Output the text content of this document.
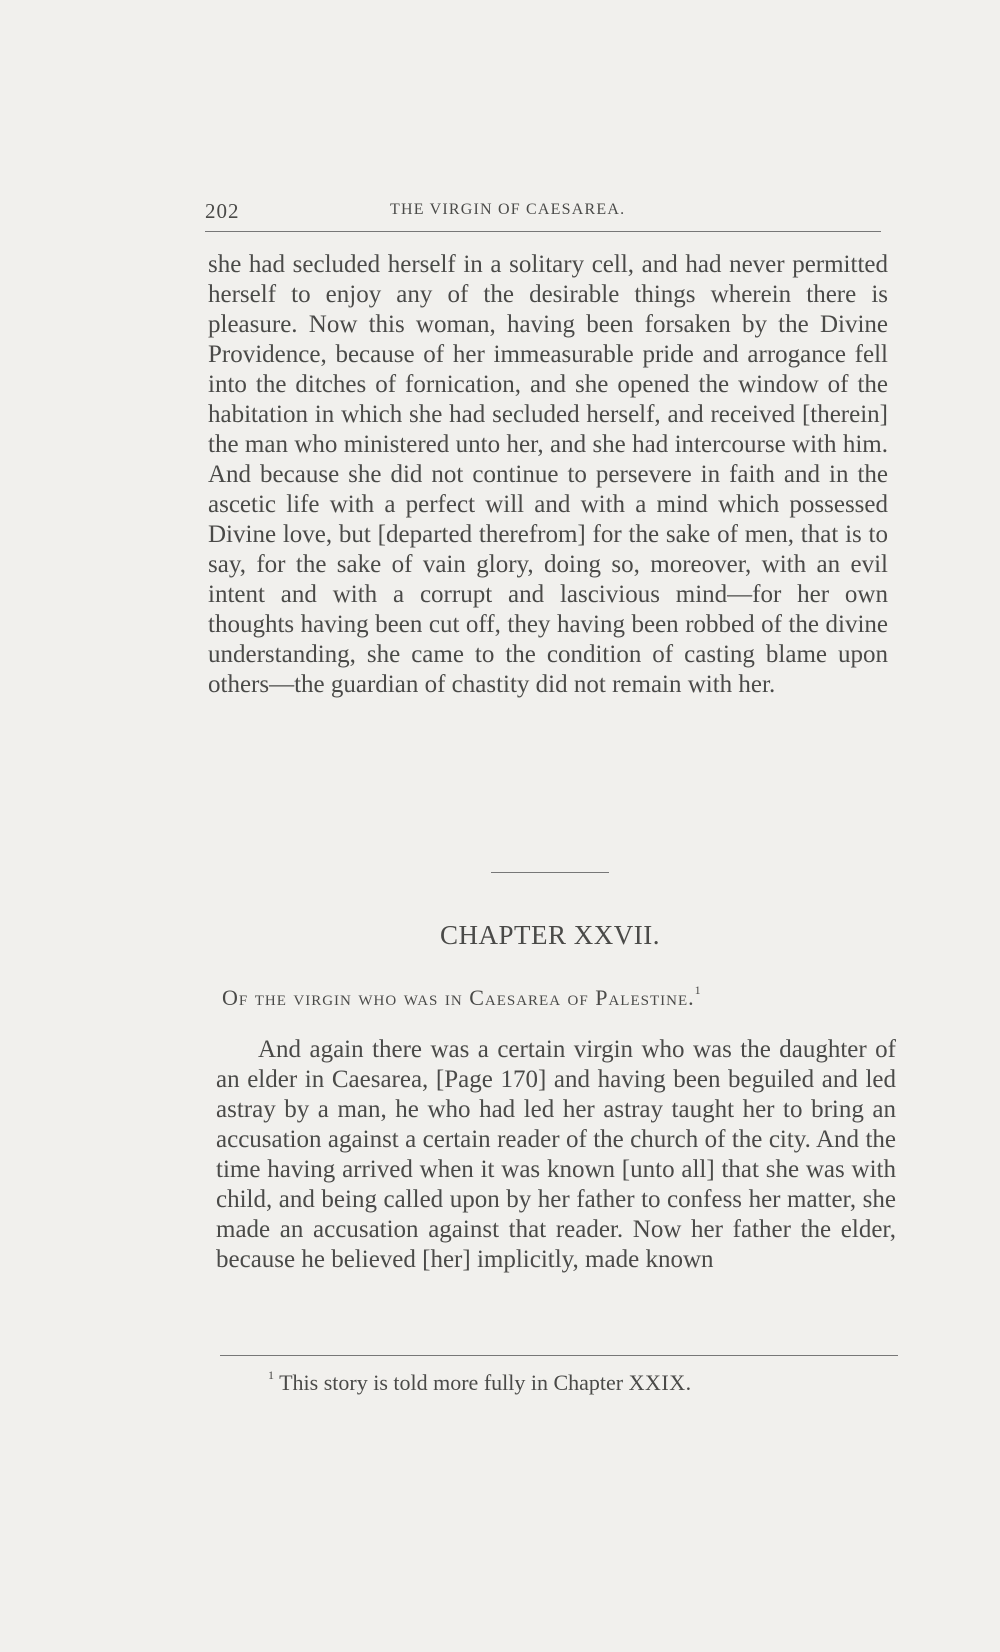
202	THE VIRGIN OF CAESAREA.

she had secluded herself in a solitary cell, and had never permitted herself to enjoy any of the desirable things wherein there is pleasure. Now this woman, having been forsaken by the Divine Providence, because of her immeasurable pride and arrogance fell into the ditches of fornication, and she opened the window of the habitation in which she had secluded herself, and received [therein] the man who ministered unto her, and she had intercourse with him. And because she did not continue to persevere in faith and in the ascetic life with a perfect will and with a mind which possessed Divine love, but [departed therefrom] for the sake of men, that is to say, for the sake of vain glory, doing so, moreover, with an evil intent and with a corrupt and lascivious mind—for her own thoughts having been cut off, they having been robbed of the divine understanding, she came to the condition of casting blame upon others—the guardian of chastity did not remain with her.

CHAPTER XXVII.
Of the virgin who was in Caesarea of Palestine.$^1$

And again there was a certain virgin who was the daughter of an elder in Caesarea, [Page 170] and having been beguiled and led astray by a man, he who had led her astray taught her to bring an accusation against a certain reader of the church of the city. And the time having arrived when it was known [unto all] that she was with child, and being called upon by her father to confess her matter, she made an accusation against that reader. Now her father the elder, because he believed [her] implicitly, made known

$^1$ This story is told more fully in Chapter XXIX.
